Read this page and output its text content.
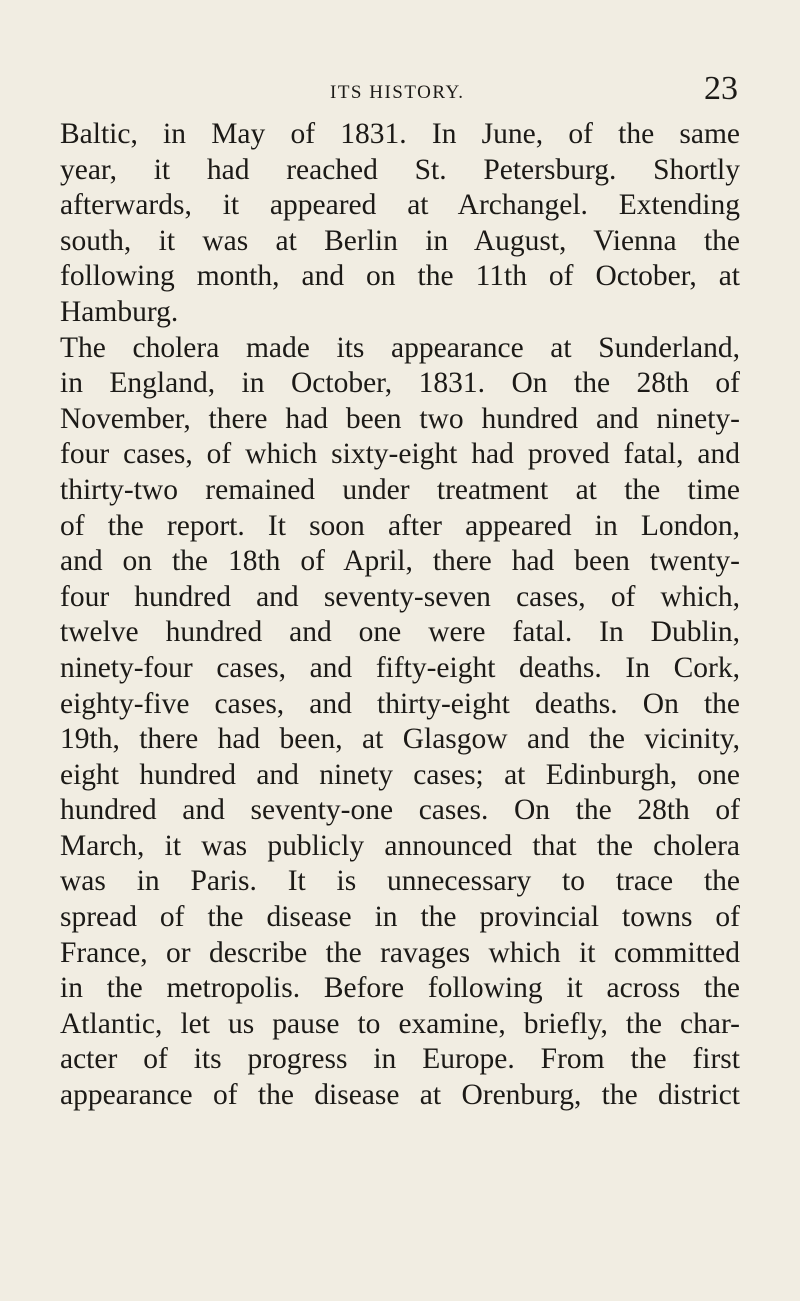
ITS HISTORY.	23
Baltic, in May of 1831. In June, of the same
year, it had reached St. Petersburg. Shortly
afterwards, it appeared at Archangel. Extending
south, it was at Berlin in August, Vienna the
following month, and on the 11th of October, at
Hamburg.
The cholera made its appearance at Sunderland,
in England, in October, 1831. On the 28th of
November, there had been two hundred and ninety-
four cases, of which sixty-eight had proved fatal, and
thirty-two remained under treatment at the time
of the report. It soon after appeared in London,
and on the 18th of April, there had been twenty-
four hundred and seventy-seven cases, of which,
twelve hundred and one were fatal. In Dublin,
ninety-four cases, and fifty-eight deaths. In Cork,
eighty-five cases, and thirty-eight deaths. On the
19th, there had been, at Glasgow and the vicinity,
eight hundred and ninety cases; at Edinburgh, one
hundred and seventy-one cases. On the 28th of
March, it was publicly announced that the cholera
was in Paris. It is unnecessary to trace the
spread of the disease in the provincial towns of
France, or describe the ravages which it committed
in the metropolis. Before following it across the
Atlantic, let us pause to examine, briefly, the char-
acter of its progress in Europe. From the first
appearance of the disease at Orenburg, the district
